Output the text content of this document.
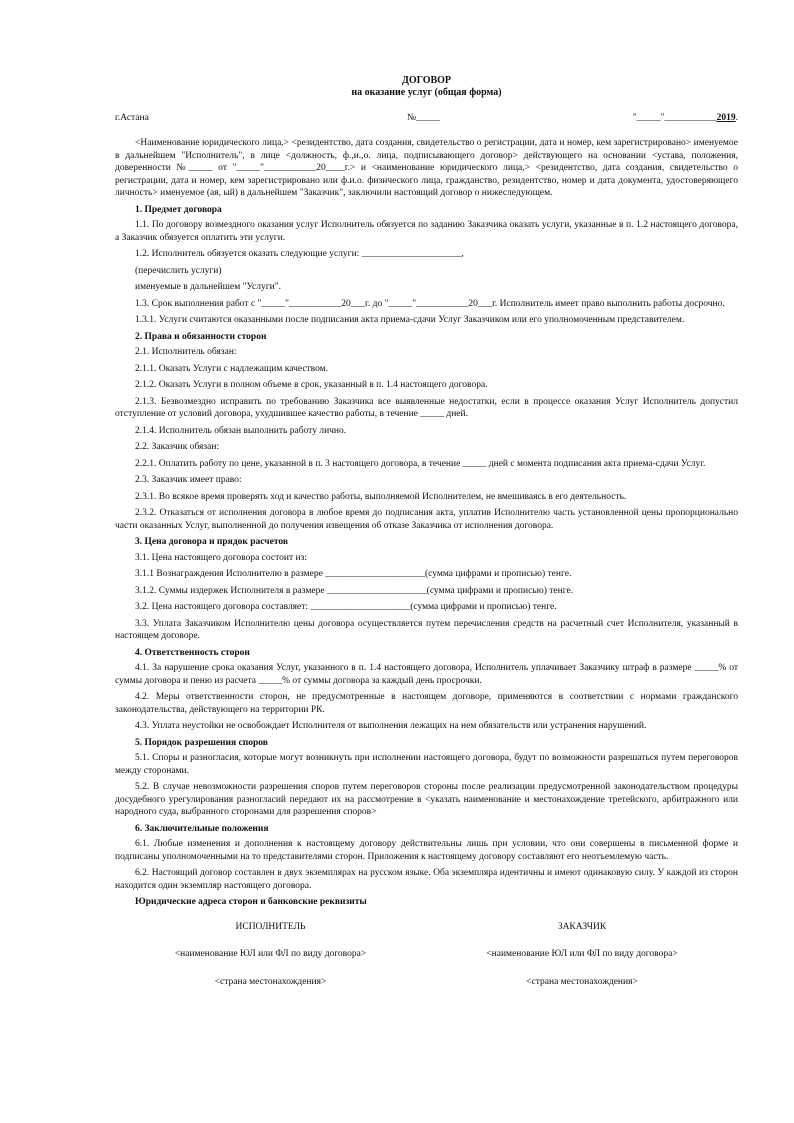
ДОГОВОР
на оказание услуг (общая форма)
г.Астана	№_____	"_____"___________2019.

<Наименование юридического лица,> <резидентство, дата создания, свидетельство о регистрации, дата и номер, кем зарегистрировано> именуемое в дальнейшем "Исполнитель", в лице <должность, ф.,и.,о. лица, подписывающего договор> действующего на основании <устава, положения, доверенности №_____ от "_____"___________20____г.> и <наименование юридического лица,> <резидентство, дата создания, свидетельство о регистрации, дата и номер, кем зарегистрировано или ф.и.о. физического лица, гражданство, резидентство, номер и дата документа, удостоверяющего личность> именуемое (ая, ый) в дальнейшем "Заказчик", заключили настоящий договор о нижеследующем.

1. Предмет договора

1.1. По договору возмездного оказания услуг Исполнитель обязуется по заданию Заказчика оказать услуги, указанные в п. 1.2 настоящего договора, а Заказчик обязуется оплатить эти услуги.

1.2. Исполнитель обязуется оказать следующие услуги: _____________________,

(перечислить услуги)

именуемые в дальнейшем "Услуги".

1.3. Срок выполнения работ с "_____"___________20___г. до "_____"___________20___г. Исполнитель имеет право выполнить работы досрочно.

1.3.1. Услуги считаются оказанными после подписания акта приема-сдачи Услуг Заказчиком или его уполномоченным представителем.

2. Права и обязанности сторон

2.1. Исполнитель обязан:

2.1.1. Оказать Услуги с надлежащим качеством.

2.1.2. Оказать Услуги в полном объеме в срок, указанный в п. 1.4 настоящего договора.

2.1.3. Безвозмездно исправить по требованию Заказчика все выявленные недостатки, если в процессе оказания Услуг Исполнитель допустил отступление от условий договора, ухудшившее качество работы, в течение _____ дней.

2.1.4. Исполнитель обязан выполнить работу лично.

2.2. Заказчик обязан:

2.2.1. Оплатить работу по цене, указанной в п. 3 настоящего договора, в течение _____ дней с момента подписания акта приема-сдачи Услуг.

2.3. Заказчик имеет право:

2.3.1. Во всякое время проверять ход и качество работы, выполняемой Исполнителем, не вмешиваясь в его деятельность.

2.3.2. Отказаться от исполнения договора в любое время до подписания акта, уплатив Исполнителю часть установленной цены пропорционально части оказанных Услуг, выполненной до получения извещения об отказе Заказчика от исполнения договора.

3. Цена договора и прядок расчетов

3.1. Цена настоящего договора состоит из:

3.1.1 Вознаграждения Исполнителю в размере _____________________(сумма цифрами и прописью) тенге.

3.1.2. Суммы издержек Исполнителя в размере _____________________(сумма цифрами и прописью) тенге.

3.2. Цена настоящего договора составляет: _____________________(сумма цифрами и прописью) тенге.

3.3. Уплата Заказчиком Исполнителю цены договора осуществляется путем перечисления средств на расчетный счет Исполнителя, указанный в настоящем договоре.

4. Ответственность сторон

4.1. За нарушение срока оказания Услуг, указанного в п. 1.4 настоящего договора, Исполнитель уплачивает Заказчику штраф в размере _____% от суммы договора и пеню из расчета _____% от суммы договора за каждый день просрочки.

4.2. Меры ответственности сторон, не предусмотренные в настоящем договоре, применяются в соответствии с нормами гражданского законодательства, действующего на территории РК.

4.3. Уплата неустойки не освобождает Исполнителя от выполнения лежащих на нем обязательств или устранения нарушений.

5. Порядок разрешения споров

5.1. Споры и разногласия, которые могут возникнуть при исполнении настоящего договора, будут по возможности разрешаться путем переговоров между сторонами.

5.2. В случае невозможности разрешения споров путем переговоров стороны после реализации предусмотренной законодательством процедуры досудебного урегулирования разногласий передают их на рассмотрение в <указать наименование и местонахождение третейского, арбитражного или народного суда, выбранного сторонами для разрешения споров>

6. Заключительные положения

6.1. Любые изменения и дополнения к настоящему договору действительны лишь при условии, что они совершены в письменной форме и подписаны уполномоченными на то представителями сторон. Приложения к настоящему договору составляют его неотъемлемую часть.

6.2. Настоящий договор составлен в двух экземплярах на русском языке. Оба экземпляра идентичны и имеют одинаковую силу. У каждой из сторон находится один экземпляр настоящего договора.

Юридические адреса сторон и банковские реквизиты

ИСПОЛНИТЕЛЬ
<наименование ЮЛ или ФЛ по виду договора>
<страна местонахождения>
ЗАКАЗЧИК
<наименование ЮЛ или ФЛ по виду договора>
<страна местонахождения>
